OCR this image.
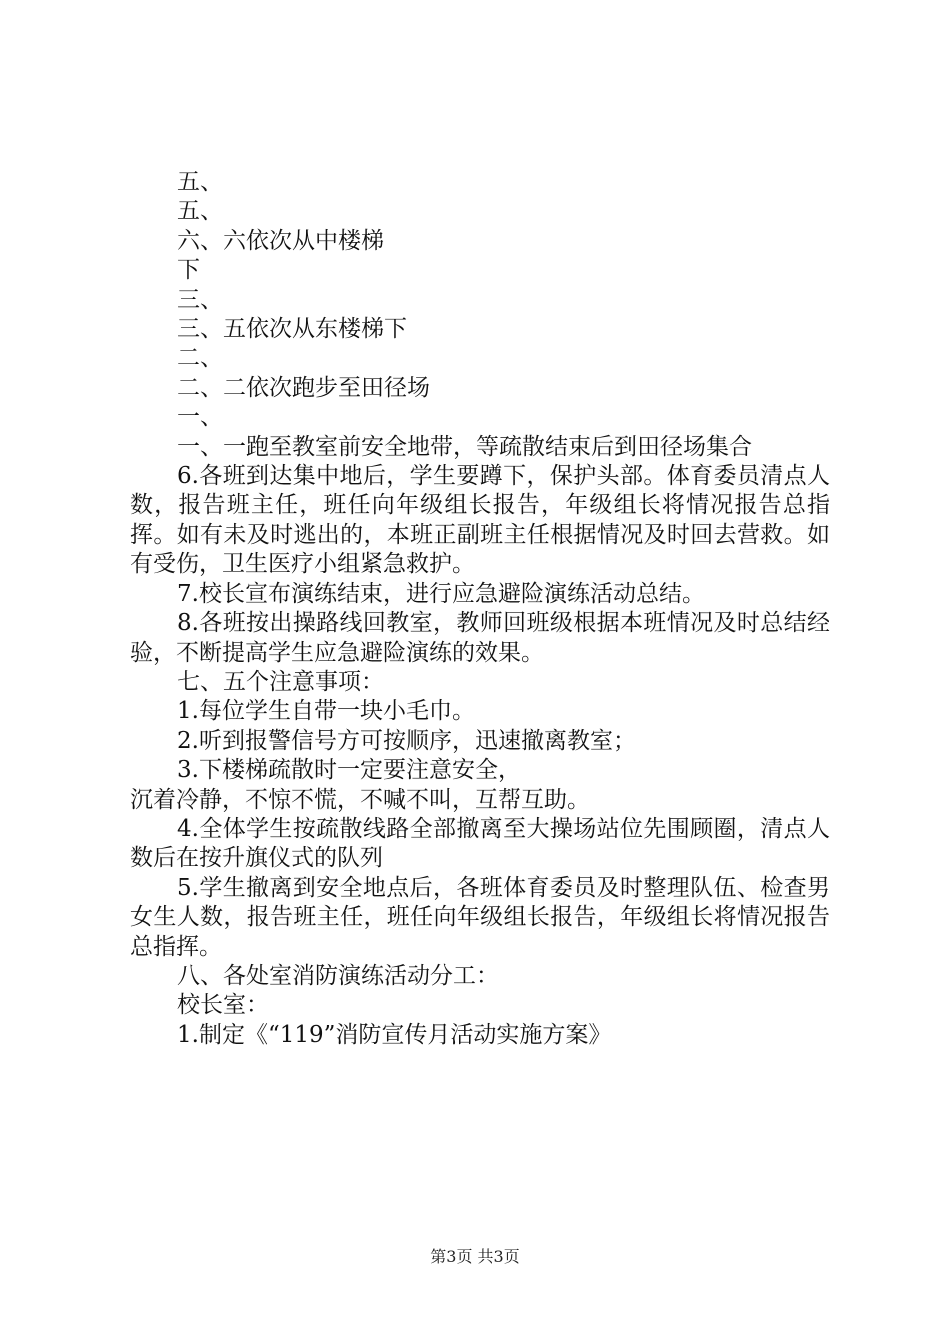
五、
五、
六、六依次从中楼梯
下
三、
三、五依次从东楼梯下
二、
二、二依次跑步至田径场
一、
一、一跑至教室前安全地带，等疏散结束后到田径场集合
6.各班到达集中地后，学生要蹲下，保护头部。体育委员清点人数，报告班主任，班任向年级组长报告，年级组长将情况报告总指挥。如有未及时逃出的，本班正副班主任根据情况及时回去营救。如有受伤，卫生医疗小组紧急救护。
7.校长宣布演练结束，进行应急避险演练活动总结。
8.各班按出操路线回教室，教师回班级根据本班情况及时总结经验，不断提高学生应急避险演练的效果。
七、五个注意事项：
1.每位学生自带一块小毛巾。
2.听到报警信号方可按顺序，迅速撤离教室；
3.下楼梯疏散时一定要注意安全，
沉着冷静，不惊不慌，不喊不叫，互帮互助。
4.全体学生按疏散线路全部撤离至大操场站位先围顾圈，清点人数后在按升旗仪式的队列
5.学生撤离到安全地点后，各班体育委员及时整理队伍、检查男女生人数，报告班主任，班任向年级组长报告，年级组长将情况报告总指挥。
八、各处室消防演练活动分工：
校长室：
1.制定《“119”消防宣传月活动实施方案》
第3页 共3页
